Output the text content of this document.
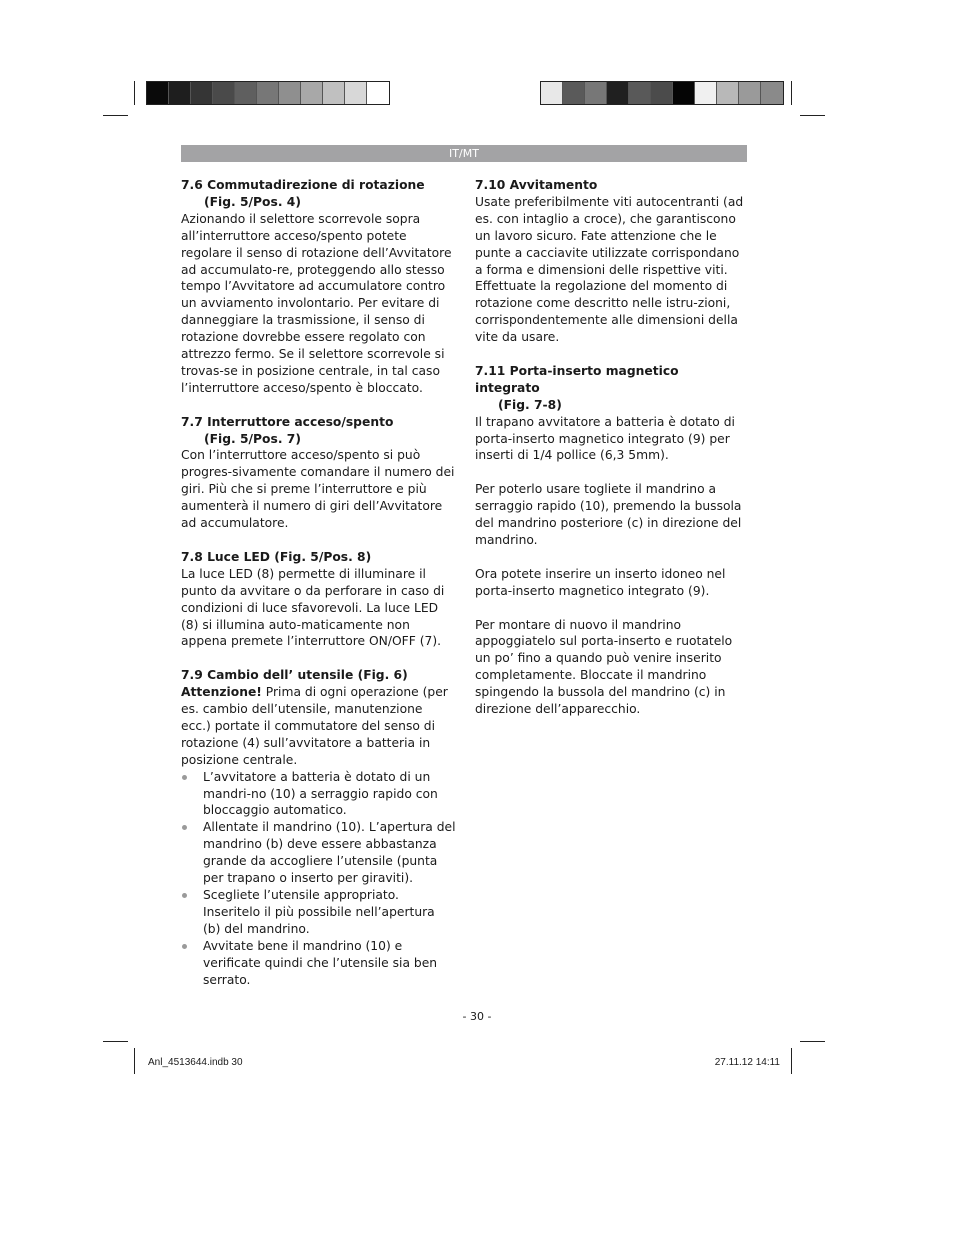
IT/MT
7.6 Commutadirezione di rotazione
(Fig. 5/Pos. 4)

Azionando il selettore scorrevole sopra all’interruttore acceso/spento potete regolare il senso di rotazione dell’Avvitatore ad accumulato-re, proteggendo allo stesso tempo l’Avvitatore ad accumulatore contro un avviamento involontario. Per evitare di danneggiare la trasmissione, il senso di rotazione dovrebbe essere regolato con attrezzo fermo. Se il selettore scorrevole si trovas-se in posizione centrale, in tal caso l’interruttore acceso/spento è bloccato.

7.7 Interruttore acceso/spento
(Fig. 5/Pos. 7)

Con l’interruttore acceso/spento si può progres-sivamente comandare il numero dei giri. Più che si preme l’interruttore e più aumenterà il numero di giri dell’Avvitatore ad accumulatore.

7.8 Luce LED (Fig. 5/Pos. 8)

La luce LED (8) permette di illuminare il punto da avvitare o da perforare in caso di condizioni di luce sfavorevoli. La luce LED (8) si illumina auto-maticamente non appena premete l’interruttore ON/OFF (7).

7.9 Cambio dell’ utensile (Fig. 6)

Attenzione! Prima di ogni operazione (per es. cambio dell’utensile, manutenzione ecc.) portate il commutatore del senso di rotazione (4) sull’avvitatore a batteria in posizione centrale.

L’avvitatore a batteria è dotato di un mandri-no (10) a serraggio rapido con bloccaggio automatico.
Allentate il mandrino (10). L’apertura del mandrino (b) deve essere abbastanza grande da accogliere l’utensile (punta per trapano o inserto per giraviti).
Scegliete l’utensile appropriato. Inseritelo il più possibile nell’apertura (b) del mandrino.
Avvitate bene il mandrino (10) e verificate quindi che l’utensile sia ben serrato.
7.10 Avvitamento

Usate preferibilmente viti autocentranti (ad es. con intaglio a croce), che garantiscono un lavoro sicuro. Fate attenzione che le punte a cacciavite utilizzate corrispondano a forma e dimensioni delle rispettive viti. Effettuate la regolazione del momento di rotazione come descritto nelle istru-zioni, corrispondentemente alle dimensioni della vite da usare.

7.11 Porta-inserto magnetico integrato
(Fig. 7-8)

Il trapano avvitatore a batteria è dotato di porta-inserto magnetico integrato (9) per inserti di 1/4 pollice (6,3 5mm).

Per poterlo usare togliete il mandrino a serraggio rapido (10), premendo la bussola del mandrino posteriore (c) in direzione del mandrino.

Ora potete inserire un inserto idoneo nel porta-inserto magnetico integrato (9).

Per montare di nuovo il mandrino appoggiatelo sul porta-inserto e ruotatelo un po’ fino a quando può venire inserito completamente. Bloccate il mandrino spingendo la bussola del mandrino (c) in direzione dell’apparecchio.

- 30 -
Anl_4513644.indb 30	27.11.12 14:11
